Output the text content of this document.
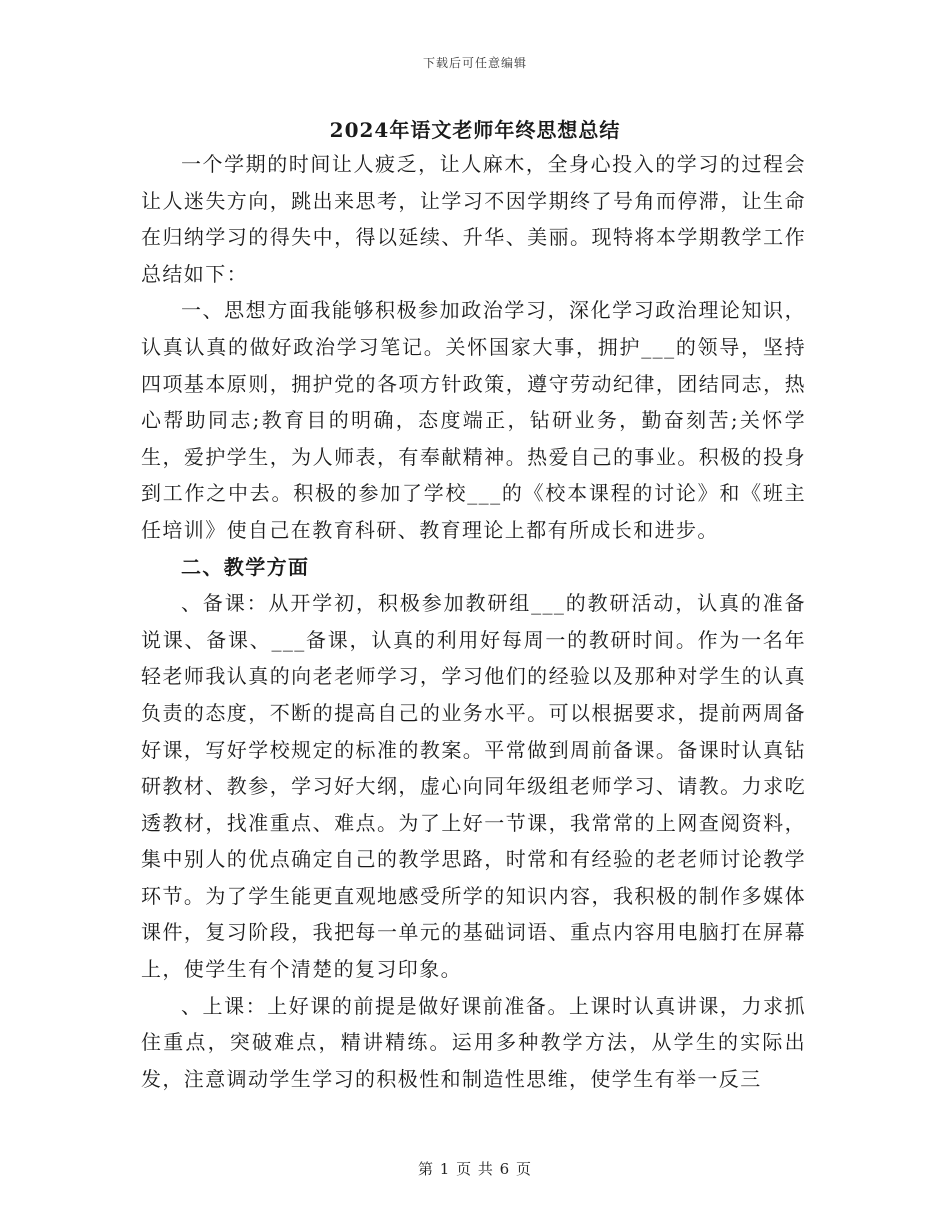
下载后可任意编辑
2024年语文老师年终思想总结

一个学期的时间让人疲乏，让人麻木，全身心投入的学习的过程会让人迷失方向，跳出来思考，让学习不因学期终了号角而停滞，让生命在归纳学习的得失中，得以延续、升华、美丽。现特将本学期教学工作总结如下：

一、思想方面我能够积极参加政治学习，深化学习政治理论知识，认真认真的做好政治学习笔记。关怀国家大事，拥护___的领导，坚持四项基本原则，拥护党的各项方针政策，遵守劳动纪律，团结同志，热心帮助同志;教育目的明确，态度端正，钻研业务，勤奋刻苦;关怀学生，爱护学生，为人师表，有奉献精神。热爱自己的事业。积极的投身到工作之中去。积极的参加了学校___的《校本课程的讨论》和《班主任培训》使自己在教育科研、教育理论上都有所成长和进步。

二、教学方面

、备课：从开学初，积极参加教研组___的教研活动，认真的准备说课、备课、___备课，认真的利用好每周一的教研时间。作为一名年轻老师我认真的向老老师学习，学习他们的经验以及那种对学生的认真负责的态度，不断的提高自己的业务水平。可以根据要求，提前两周备好课，写好学校规定的标准的教案。平常做到周前备课。备课时认真钻研教材、教参，学习好大纲，虚心向同年级组老师学习、请教。力求吃透教材，找准重点、难点。为了上好一节课，我常常的上网查阅资料，集中别人的优点确定自己的教学思路，时常和有经验的老老师讨论教学环节。为了学生能更直观地感受所学的知识内容，我积极的制作多媒体课件，复习阶段，我把每一单元的基础词语、重点内容用电脑打在屏幕上，使学生有个清楚的复习印象。

、上课：上好课的前提是做好课前准备。上课时认真讲课，力求抓住重点，突破难点，精讲精练。运用多种教学方法，从学生的实际出发，注意调动学生学习的积极性和制造性思维，使学生有举一反三

第 1 页 共 6 页
